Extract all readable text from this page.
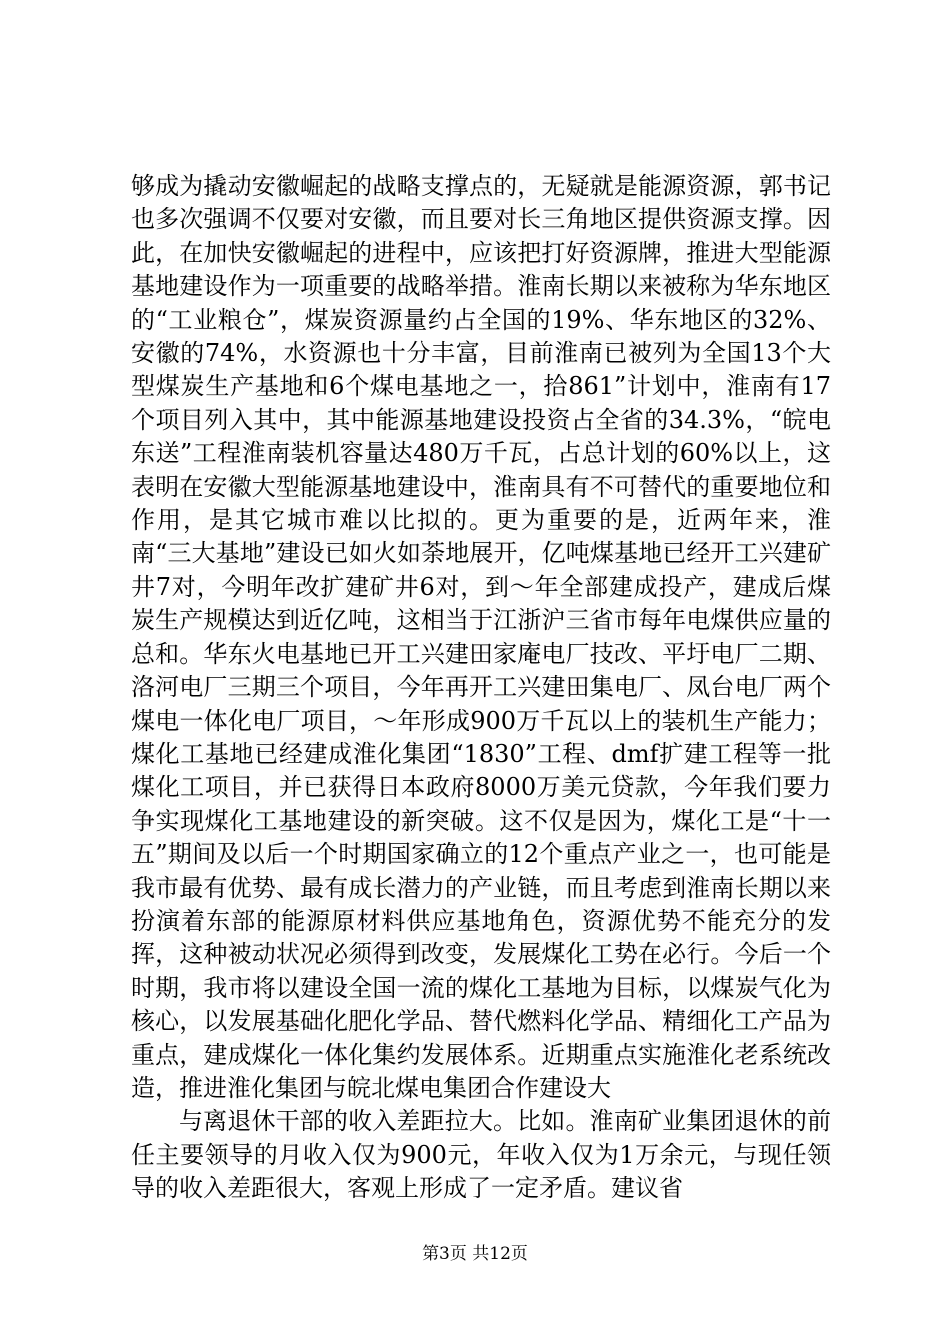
够成为撬动安徽崛起的战略支撑点的，无疑就是能源资源，郭书记也多次强调不仅要对安徽，而且要对长三角地区提供资源支撑。因此，在加快安徽崛起的进程中，应该把打好资源牌，推进大型能源基地建设作为一项重要的战略举措。淮南长期以来被称为华东地区的“工业粮仓”，煤炭资源量约占全国的19%、华东地区的32%、安徽的74%，水资源也十分丰富，目前淮南已被列为全国13个大型煤炭生产基地和6个煤电基地之一，拾861”计划中，淮南有17个项目列入其中，其中能源基地建设投资占全省的34.3%，“皖电东送”工程淮南装机容量达480万千瓦，占总计划的60%以上，这表明在安徽大型能源基地建设中，淮南具有不可替代的重要地位和作用，是其它城市难以比拟的。更为重要的是，近两年来，淮南“三大基地”建设已如火如荼地展开，亿吨煤基地已经开工兴建矿井7对，今明年改扩建矿井6对，到～年全部建成投产，建成后煤炭生产规模达到近亿吨，这相当于江浙沪三省市每年电煤供应量的总和。华东火电基地已开工兴建田家庵电厂技改、平圩电厂二期、洛河电厂三期三个项目，今年再开工兴建田集电厂、凤台电厂两个煤电一体化电厂项目，～年形成900万千瓦以上的装机生产能力；煤化工基地已经建成淮化集团“1830”工程、dmf扩建工程等一批煤化工项目，并已获得日本政府8000万美元贷款，今年我们要力争实现煤化工基地建设的新突破。这不仅是因为，煤化工是“十一五”期间及以后一个时期国家确立的12个重点产业之一，也可能是我市最有优势、最有成长潜力的产业链，而且考虑到淮南长期以来扮演着东部的能源原材料供应基地角色，资源优势不能充分的发挥，这种被动状况必须得到改变，发展煤化工势在必行。今后一个时期，我市将以建设全国一流的煤化工基地为目标，以煤炭气化为核心，以发展基础化肥化学品、替代燃料化学品、精细化工产品为重点，建成煤化一体化集约发展体系。近期重点实施淮化老系统改造，推进淮化集团与皖北煤电集团合作建设大

与离退休干部的收入差距拉大。比如。淮南矿业集团退休的前任主要领导的月收入仅为900元，年收入仅为1万余元，与现任领导的收入差距很大，客观上形成了一定矛盾。建议省

第3页 共12页
